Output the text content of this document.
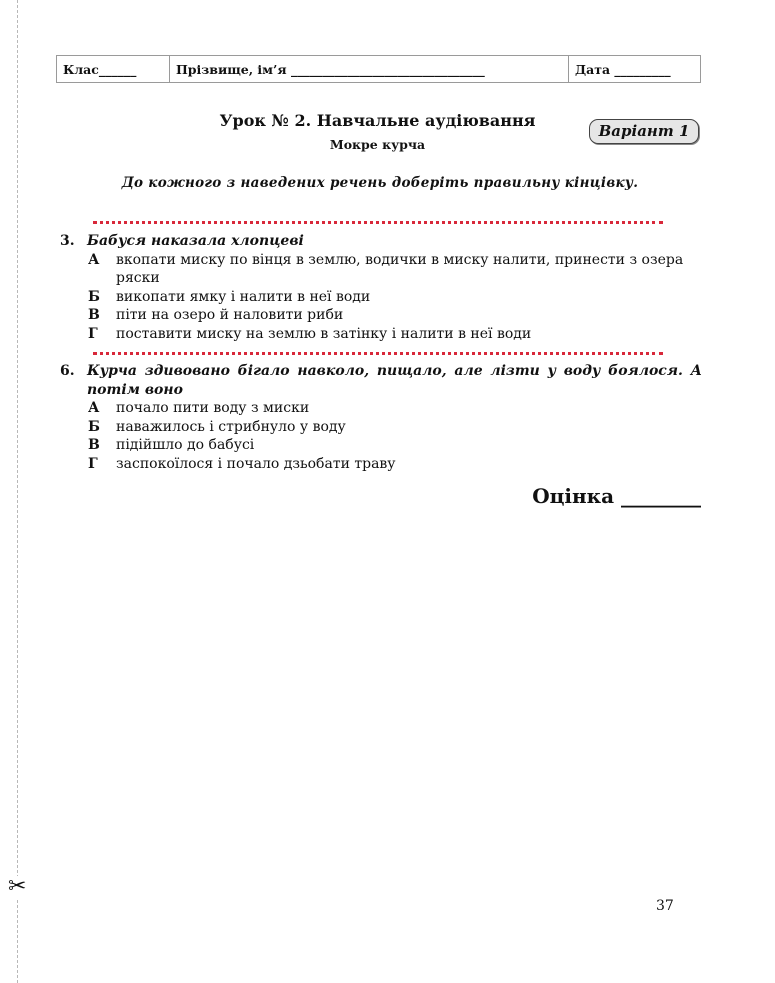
✂
Клас______	Прізвище, ім’я _______________________________	Дата _________
Урок № 2. Навчальне аудіювання
Мокре курча
Варіант 1
До кожного з наведених речень доберіть правильну кінцівку.
3. Бабуся наказала хлопцеві
А вкопати миску по вінця в землю, водички в миску налити, принести з озера ряски
Б викопати ямку і налити в неї води
В піти на озеро й наловити риби
Г поставити миску на землю в затінку і налити в неї води
6. Курча здивовано бігало навколо, пищало, але лізти у воду боялося. А потім воно
А почало пити воду з миски
Б наважилось і стрибнуло у воду
В підійшло до бабусі
Г заспокоїлося і почало дзьобати траву
Оцінка ________
37
